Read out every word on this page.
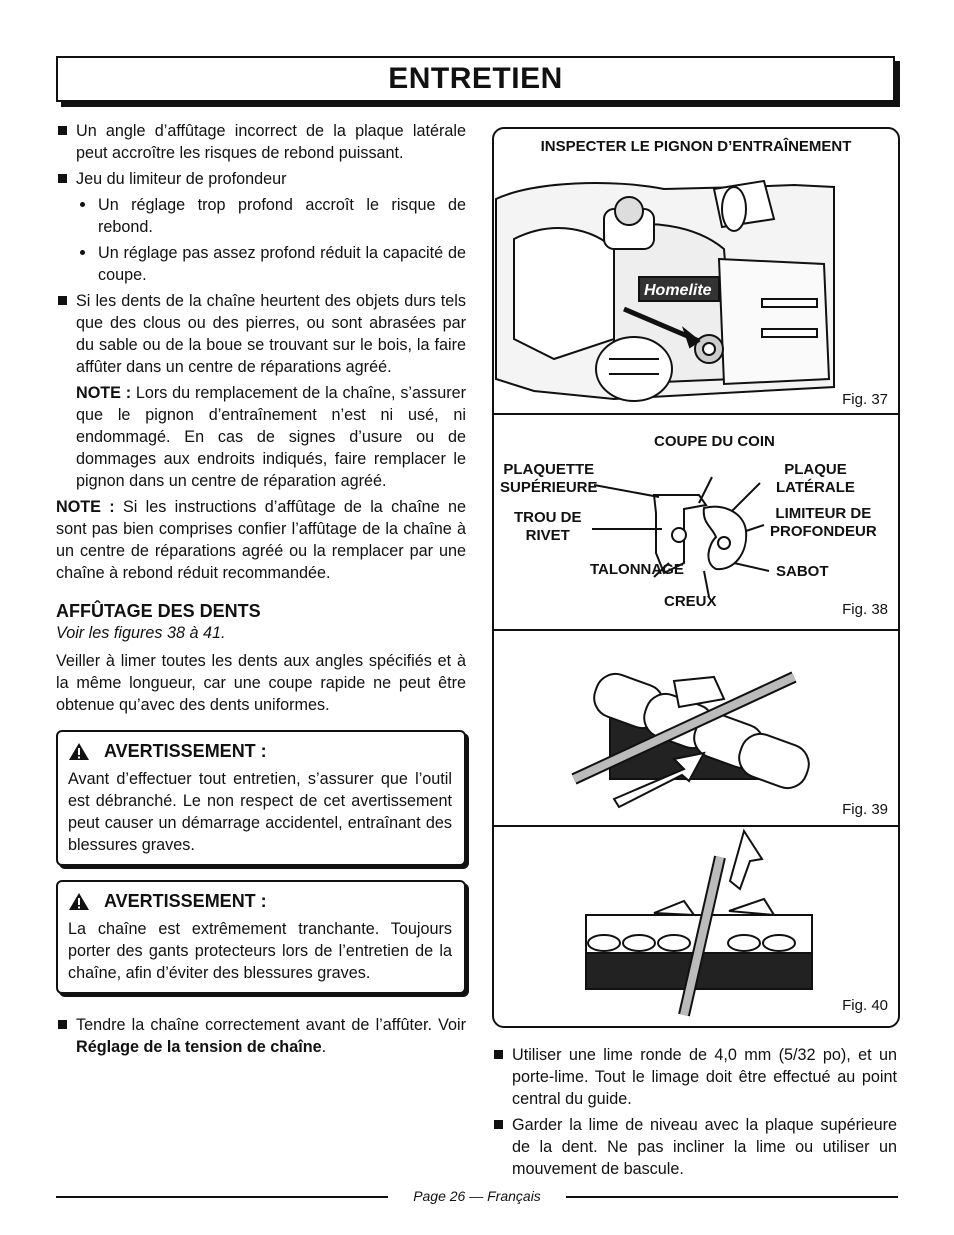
ENTRETIEN
Un angle d’affûtage incorrect de la plaque latérale peut accroître les risques de rebond puissant.
Jeu du limiteur de profondeur
Un réglage trop profond accroît le risque de rebond.
Un réglage pas assez profond réduit la capacité de coupe.
Si les dents de la chaîne heurtent des objets durs tels que des clous ou des pierres, ou sont abrasées par du sable ou de la boue se trouvant sur le bois, la faire affûter dans un centre de réparations agréé.
NOTE : Lors du remplacement de la chaîne, s’assurer que le pignon d’entraînement n’est ni usé, ni endommagé. En cas de signes d’usure ou de dommages aux endroits indiqués, faire remplacer le pignon dans un centre de réparation agréé.
NOTE : Si les instructions d’affûtage de la chaîne ne sont pas bien comprises confier l’affûtage de la chaîne à un centre de réparations agréé ou la remplacer par une chaîne à rebond réduit recommandée.
AFFÛTAGE DES DENTS
Voir les figures 38 à 41.
Veiller à limer toutes les dents aux angles spécifiés et à la même longueur, car une coupe rapide ne peut être obtenue qu’avec des dents uniformes.
AVERTISSEMENT :

Avant d’effectuer tout entretien, s’assurer que l’outil est débranché. Le non respect de cet avertissement peut causer un démarrage accidentel, entraînant des blessures graves.

AVERTISSEMENT :

La chaîne est extrêmement tranchante. Toujours porter des gants protecteurs lors de l’entretien de la chaîne, afin d’éviter des blessures graves.

Tendre la chaîne correctement avant de l’affûter. Voir Réglage de la tension de chaîne.
INSPECTER LE PIGNON D’ENTRAÎNEMENT
Homelite
Fig. 37
COUPE DU COIN
PLAQUETTE
SUPÉRIEURE
PLAQUE
LATÉRALE
TROU DE
RIVET
LIMITEUR DE
PROFONDEUR
TALONNAGE	SABOT
CREUX	Fig. 38
Fig. 39
Fig. 40
Utiliser une lime ronde de 4,0 mm (5/32 po), et un porte-lime. Tout le limage doit être effectué au point central du guide.
Garder la lime de niveau avec la plaque supérieure de la dent. Ne pas incliner la lime ou utiliser un mouvement de bascule.
Page 26 — Français
